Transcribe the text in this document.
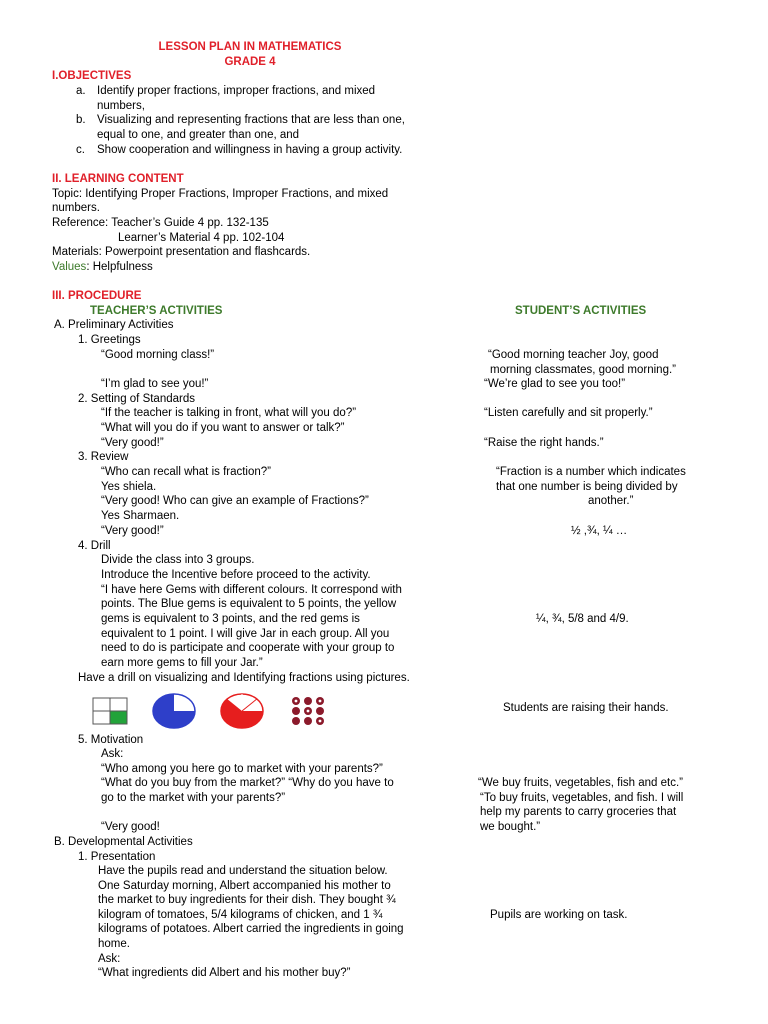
LESSON PLAN IN MATHEMATICS
GRADE 4
I.OBJECTIVES
a. Identify proper fractions, improper fractions, and mixed
numbers,
b. Visualizing and representing fractions that are less than one,
equal to one, and greater than one, and
c. Show cooperation and willingness in having a group activity.
II. LEARNING CONTENT
Topic: Identifying Proper Fractions, Improper Fractions, and mixed
numbers.
Reference: Teacher’s Guide 4 pp. 132-135
Learner’s Material 4 pp. 102-104
Materials: Powerpoint presentation and flashcards.
Values: Helpfulness
III. PROCEDURE
TEACHER’S ACTIVITIES	STUDENT’S ACTIVITIES
A. Preliminary Activities
1. Greetings
“Good morning class!”
“I’m glad to see you!”
2. Setting of Standards
“If the teacher is talking in front, what will you do?”
“What will you do if you want to answer or talk?”
“Very good!”
3. Review
“Who can recall what is fraction?”
Yes shiela.
“Very good! Who can give an example of Fractions?”
Yes Sharmaen.
“Very good!”
4. Drill
Divide the class into 3 groups.
Introduce the Incentive before proceed to the activity.
“I have here Gems with different colours. It correspond with
points. The Blue gems is equivalent to 5 points, the yellow
gems is equivalent to 3 points, and the red gems is
equivalent to 1 point. I will give Jar in each group. All you
need to do is participate and cooperate with your group to
earn more gems to fill your Jar.”
Have a drill on visualizing and Identifying fractions using pictures.
5. Motivation
Ask:
“Who among you here go to market with your parents?”
“What do you buy from the market?” “Why do you have to
go to the market with your parents?”
“Very good!
B. Developmental Activities
1. Presentation
Have the pupils read and understand the situation below.
One Saturday morning, Albert accompanied his mother to
the market to buy ingredients for their dish. They bought ¾
kilogram of tomatoes, 5/4 kilograms of chicken, and 1 ¾
kilograms of potatoes. Albert carried the ingredients in going
home.
Ask:
“What ingredients did Albert and his mother buy?”
“Good morning teacher Joy, good
morning classmates, good morning.”
“We’re glad to see you too!”
“Listen carefully and sit properly.”
“Raise the right hands.”
“Fraction is a number which indicates
that one number is being divided by
another.”
½ ,¾, ¼ …
¼, ¾, 5/8 and 4/9.
Students are raising their hands.
“We buy fruits, vegetables, fish and etc.”
“To buy fruits, vegetables, and fish. I will
help my parents to carry groceries that
we bought.”
Pupils are working on task.
